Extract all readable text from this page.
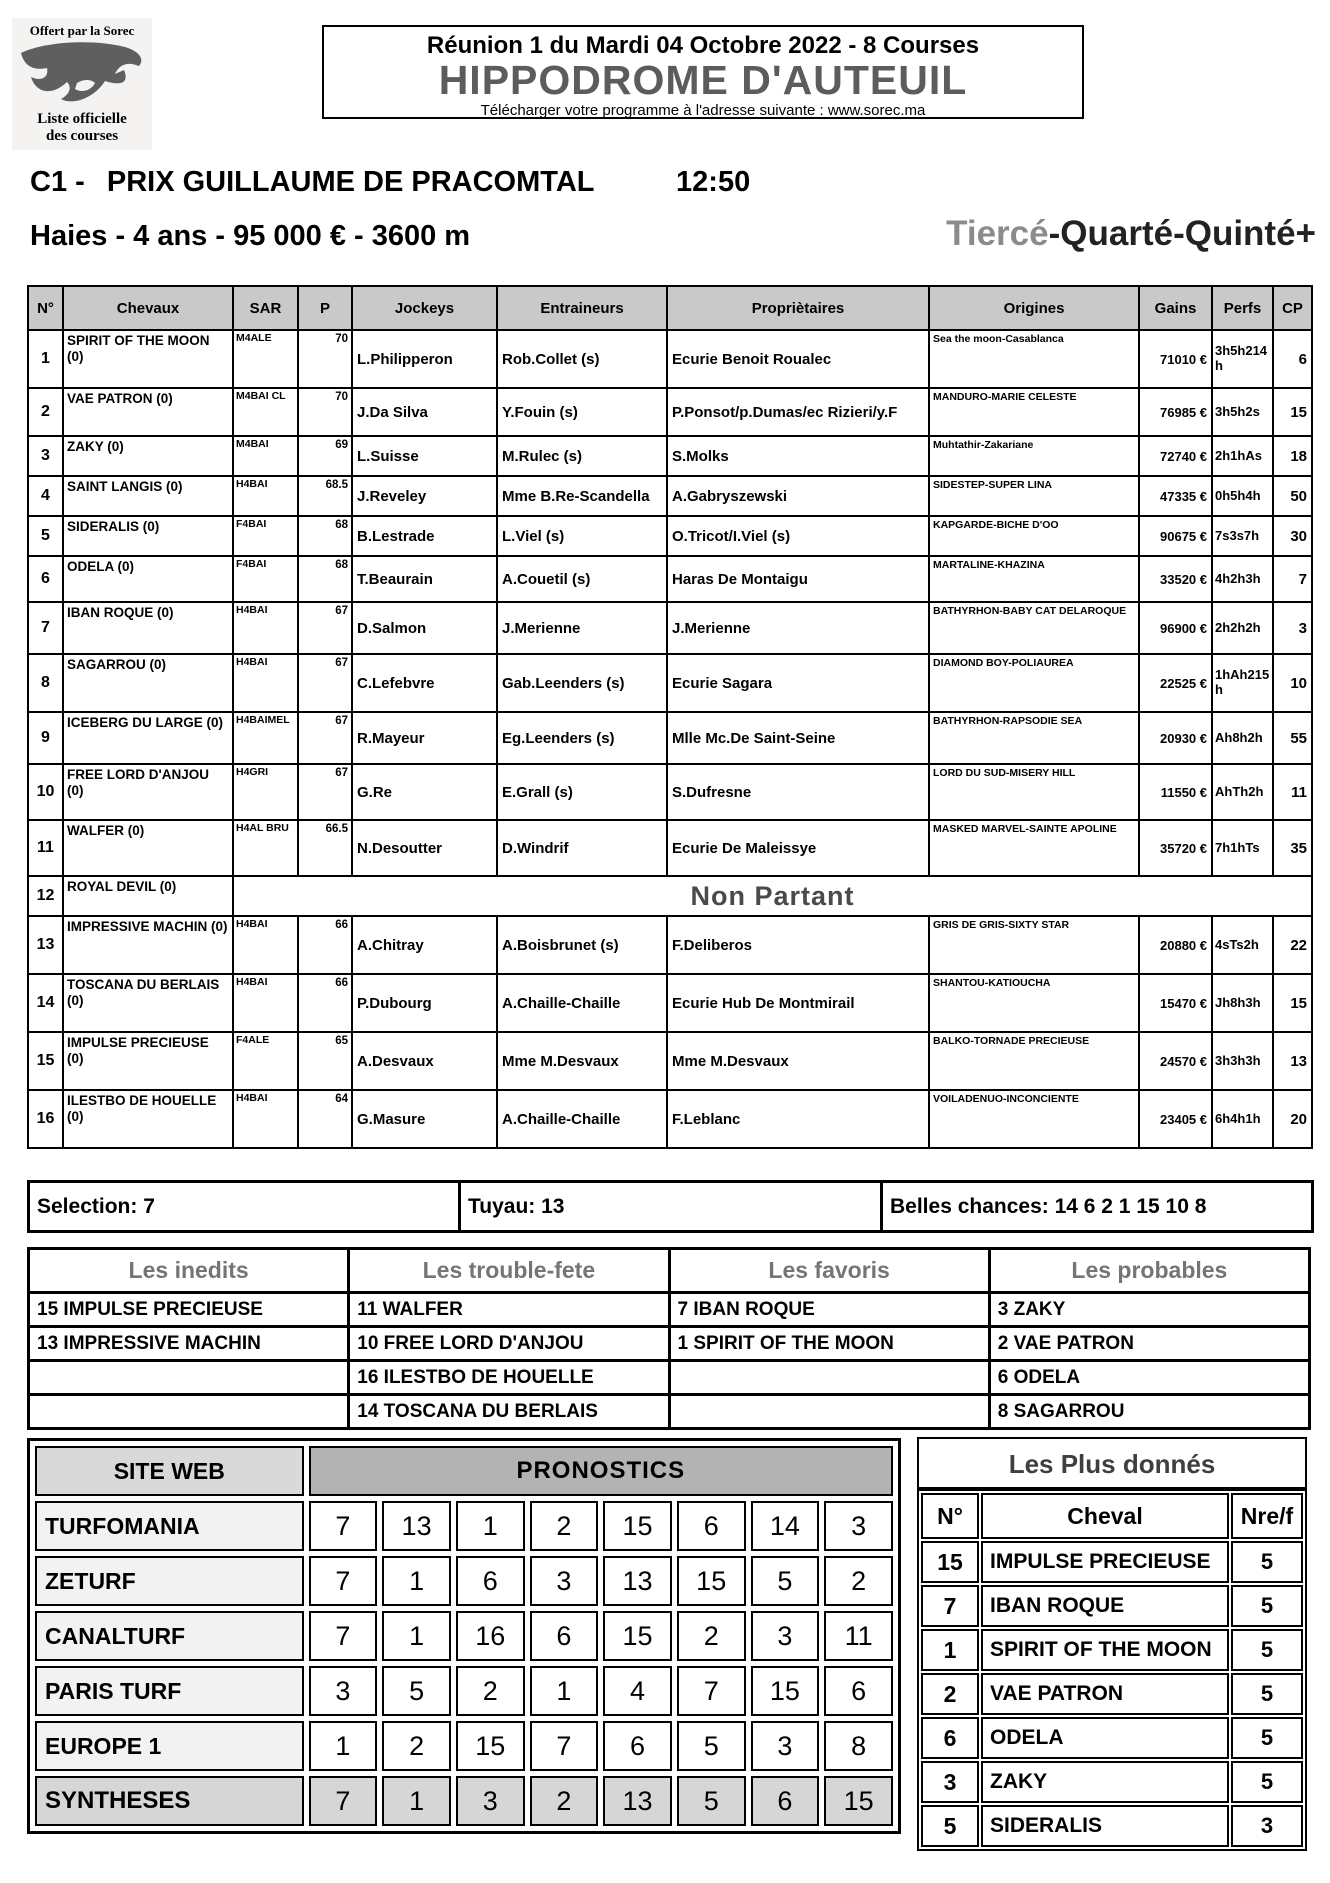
Offert par la Sorec
Liste officielle
des courses
Réunion 1 du Mardi 04 Octobre 2022 - 8 Courses
HIPPODROME D'AUTEUIL
Télécharger votre programme à l'adresse suivante : www.sorec.ma
C1 - PRIX GUILLAUME DE PRACOMTAL	12:50
Haies - 4 ans - 95 000 € - 3600 m	Tiercé-Quarté-Quinté+
N°	Chevaux	SAR	P	Jockeys	Entraineurs	Propriètaires	Origines	Gains	Perfs	CP
1	SPIRIT OF THE MOON (0)	M4ALE	70	L.Philipperon	Rob.Collet (s)	Ecurie Benoit Roualec	Sea the moon-Casablanca	71010 €	3h5h214h	6
2	VAE PATRON (0)	M4BAI CL	70	J.Da Silva	Y.Fouin (s)	P.Ponsot/p.Dumas/ec Rizieri/y.F	MANDURO-MARIE CELESTE	76985 €	3h5h2s	15
3	ZAKY (0)	M4BAI	69	L.Suisse	M.Rulec (s)	S.Molks	Muhtathir-Zakariane	72740 €	2h1hAs	18
4	SAINT LANGIS (0)	H4BAI	68.5	J.Reveley	Mme B.Re-Scandella	A.Gabryszewski	SIDESTEP-SUPER LINA	47335 €	0h5h4h	50
5	SIDERALIS (0)	F4BAI	68	B.Lestrade	L.Viel (s)	O.Tricot/I.Viel (s)	KAPGARDE-BICHE D'OO	90675 €	7s3s7h	30
6	ODELA (0)	F4BAI	68	T.Beaurain	A.Couetil (s)	Haras De Montaigu	MARTALINE-KHAZINA	33520 €	4h2h3h	7
7	IBAN ROQUE (0)	H4BAI	67	D.Salmon	J.Merienne	J.Merienne	BATHYRHON-BABY CAT DELAROQUE	96900 €	2h2h2h	3
8	SAGARROU (0)	H4BAI	67	C.Lefebvre	Gab.Leenders (s)	Ecurie Sagara	DIAMOND BOY-POLIAUREA	22525 €	1hAh215h	10
9	ICEBERG DU LARGE (0)	H4BAIMEL	67	R.Mayeur	Eg.Leenders (s)	Mlle Mc.De Saint-Seine	BATHYRHON-RAPSODIE SEA	20930 €	Ah8h2h	55
10	FREE LORD D'ANJOU (0)	H4GRI	67	G.Re	E.Grall (s)	S.Dufresne	LORD DU SUD-MISERY HILL	11550 €	AhTh2h	11
11	WALFER (0)	H4AL BRU	66.5	N.Desoutter	D.Windrif	Ecurie De Maleissye	MASKED MARVEL-SAINTE APOLINE	35720 €	7h1hTs	35
12	ROYAL DEVIL (0)	Non Partant								
13	IMPRESSIVE MACHIN (0)	H4BAI	66	A.Chitray	A.Boisbrunet (s)	F.Deliberos	GRIS DE GRIS-SIXTY STAR	20880 €	4sTs2h	22
14	TOSCANA DU BERLAIS (0)	H4BAI	66	P.Dubourg	A.Chaille-Chaille	Ecurie Hub De Montmirail	SHANTOU-KATIOUCHA	15470 €	Jh8h3h	15
15	IMPULSE PRECIEUSE (0)	F4ALE	65	A.Desvaux	Mme M.Desvaux	Mme M.Desvaux	BALKO-TORNADE PRECIEUSE	24570 €	3h3h3h	13
16	ILESTBO DE HOUELLE (0)	H4BAI	64	G.Masure	A.Chaille-Chaille	F.Leblanc	VOILADENUO-INCONCIENTE	23405 €	6h4h1h	20
Selection: 7	Tuyau: 13	Belles chances: 14 6 2 1 15 10 8
Les inedits	Les trouble-fete	Les favoris	Les probables
15 IMPULSE PRECIEUSE	11 WALFER	7 IBAN ROQUE	3 ZAKY
13 IMPRESSIVE MACHIN	10 FREE LORD D'ANJOU	1 SPIRIT OF THE MOON	2 VAE PATRON
	16 ILESTBO DE HOUELLE		6 ODELA
	14 TOSCANA DU BERLAIS		8 SAGARROU
SITE WEB	PRONOSTICS							
TURFOMANIA	7	13	1	2	15	6	14	3
ZETURF	7	1	6	3	13	15	5	2
CANALTURF	7	1	16	6	15	2	3	11
PARIS TURF	3	5	2	1	4	7	15	6
EUROPE 1	1	2	15	7	6	5	3	8
SYNTHESES	7	1	3	2	13	5	6	15
Les Plus donnés
N°	Cheval	Nre/f
15	IMPULSE PRECIEUSE	5
7	IBAN ROQUE	5
1	SPIRIT OF THE MOON	5
2	VAE PATRON	5
6	ODELA	5
3	ZAKY	5
5	SIDERALIS	3
